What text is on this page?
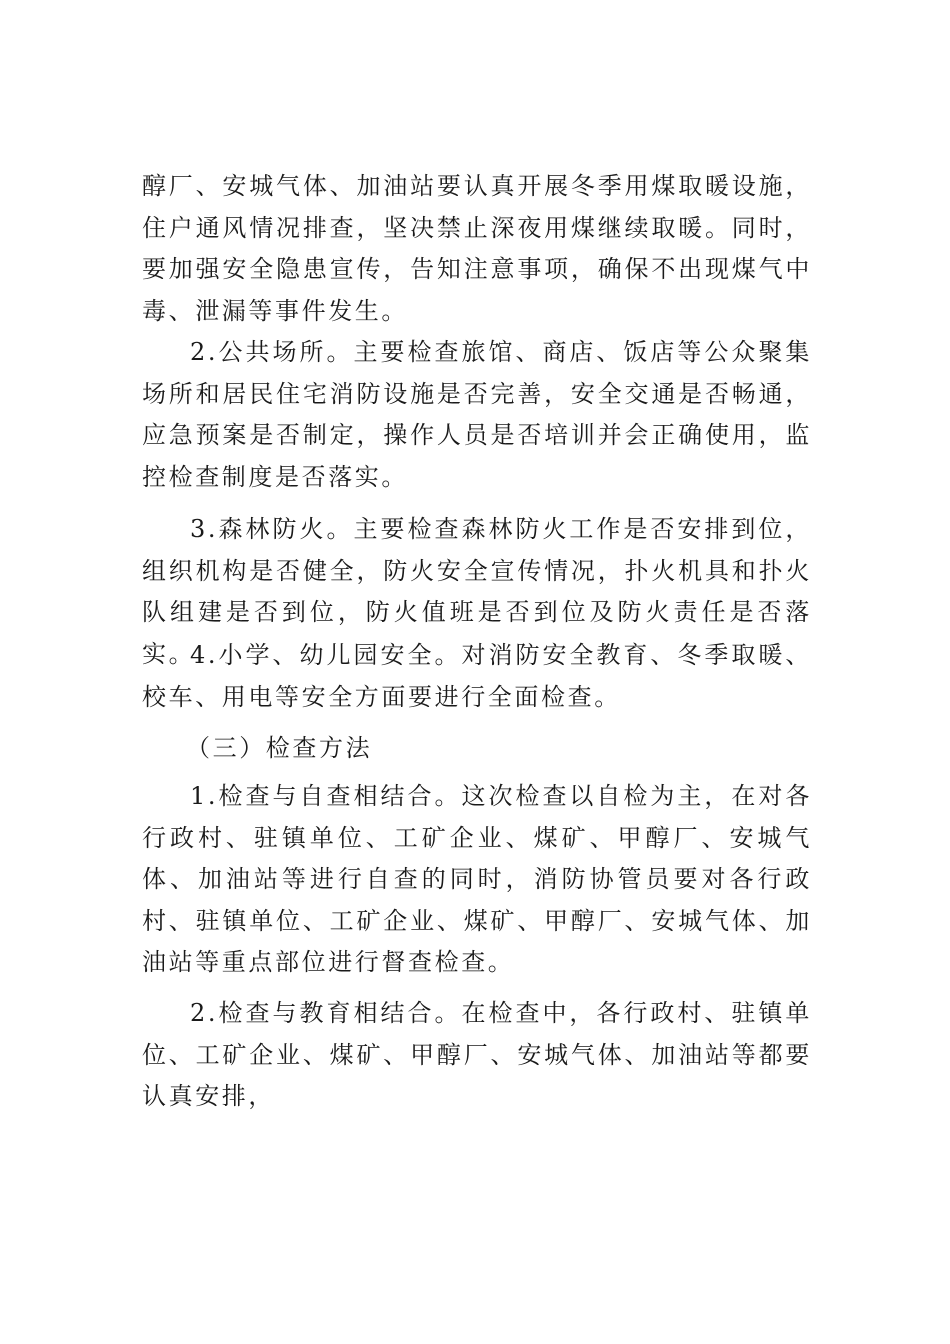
醇厂、安城气体、加油站要认真开展冬季用煤取暖设施，住户通风情况排查，坚决禁止深夜用煤继续取暖。同时，要加强安全隐患宣传，告知注意事项，确保不出现煤气中毒、泄漏等事件发生。

2.公共场所。主要检查旅馆、商店、饭店等公众聚集场所和居民住宅消防设施是否完善，安全交通是否畅通，应急预案是否制定，操作人员是否培训并会正确使用，监控检查制度是否落实。

3.森林防火。主要检查森林防火工作是否安排到位，组织机构是否健全，防火安全宣传情况，扑火机具和扑火队组建是否到位，防火值班是否到位及防火责任是否落实。

4.小学、幼儿园安全。对消防安全教育、冬季取暖、校车、用电等安全方面要进行全面检查。

（三）检查方法

1.检查与自查相结合。这次检查以自检为主，在对各行政村、驻镇单位、工矿企业、煤矿、甲醇厂、安城气体、加油站等进行自查的同时，消防协管员要对各行政村、驻镇单位、工矿企业、煤矿、甲醇厂、安城气体、加油站等重点部位进行督查检查。

2.检查与教育相结合。在检查中，各行政村、驻镇单位、工矿企业、煤矿、甲醇厂、安城气体、加油站等都要认真安排，
